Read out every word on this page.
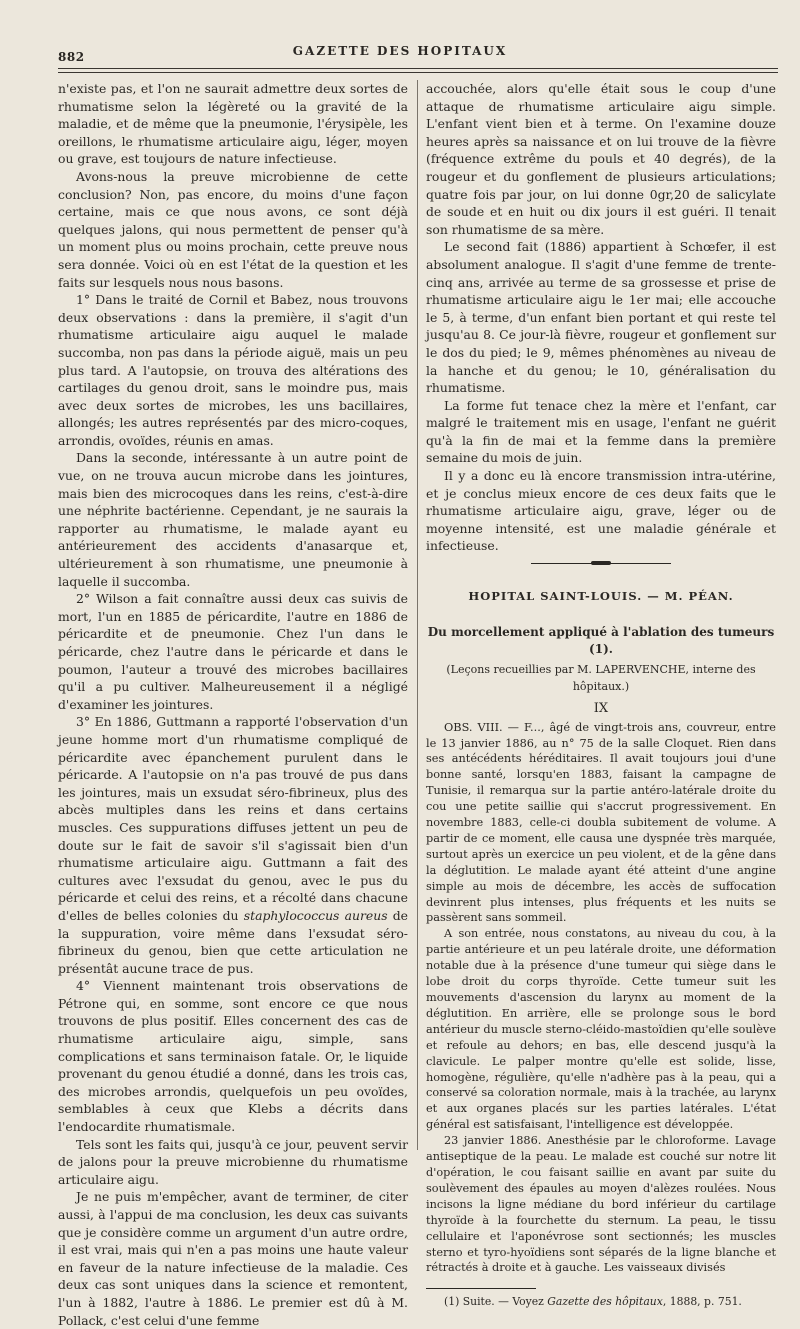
882	GAZETTE DES HOPITAUX

n'existe pas, et l'on ne saurait admettre deux sortes de rhumatisme selon la légèreté ou la gravité de la maladie, et de même que la pneumonie, l'érysipèle, les oreillons, le rhumatisme articulaire aigu, léger, moyen ou grave, est toujours de nature infectieuse.

Avons-nous la preuve microbienne de cette conclusion? Non, pas encore, du moins d'une façon certaine, mais ce que nous avons, ce sont déjà quelques jalons, qui nous permettent de penser qu'à un moment plus ou moins prochain, cette preuve nous sera donnée. Voici où en est l'état de la question et les faits sur lesquels nous nous basons.

1° Dans le traité de Cornil et Babez, nous trouvons deux observations : dans la première, il s'agit d'un rhumatisme articulaire aigu auquel le malade succomba, non pas dans la période aiguë, mais un peu plus tard. A l'autopsie, on trouva des altérations des cartilages du genou droit, sans le moindre pus, mais avec deux sortes de microbes, les uns bacillaires, allongés; les autres représentés par des micro-coques, arrondis, ovoïdes, réunis en amas.

Dans la seconde, intéressante à un autre point de vue, on ne trouva aucun microbe dans les jointures, mais bien des microcoques dans les reins, c'est-à-dire une néphrite bactérienne. Cependant, je ne saurais la rapporter au rhumatisme, le malade ayant eu antérieurement des accidents d'anasarque et, ultérieurement à son rhumatisme, une pneumonie à laquelle il succomba.

2° Wilson a fait connaître aussi deux cas suivis de mort, l'un en 1885 de péricardite, l'autre en 1886 de péricardite et de pneumonie. Chez l'un dans le péricarde, chez l'autre dans le péricarde et dans le poumon, l'auteur a trouvé des microbes bacillaires qu'il a pu cultiver. Malheureusement il a négligé d'examiner les jointures.

3° En 1886, Guttmann a rapporté l'observation d'un jeune homme mort d'un rhumatisme compliqué de péricardite avec épanchement purulent dans le péricarde. A l'autopsie on n'a pas trouvé de pus dans les jointures, mais un exsudat séro-fibrineux, plus des abcès multiples dans les reins et dans certains muscles. Ces suppurations diffuses jettent un peu de doute sur le fait de savoir s'il s'agissait bien d'un rhumatisme articulaire aigu. Guttmann a fait des cultures avec l'exsudat du genou, avec le pus du péricarde et celui des reins, et a récolté dans chacune d'elles de belles colonies du staphylococcus aureus de la suppuration, voire même dans l'exsudat séro-fibrineux du genou, bien que cette articulation ne présentât aucune trace de pus.

4° Viennent maintenant trois observations de Pétrone qui, en somme, sont encore ce que nous trouvons de plus positif. Elles concernent des cas de rhumatisme articulaire aigu, simple, sans complications et sans terminaison fatale. Or, le liquide provenant du genou étudié a donné, dans les trois cas, des microbes arrondis, quelquefois un peu ovoïdes, semblables à ceux que Klebs a décrits dans l'endocardite rhumatismale.

Tels sont les faits qui, jusqu'à ce jour, peuvent servir de jalons pour la preuve microbienne du rhumatisme articulaire aigu.

Je ne puis m'empêcher, avant de terminer, de citer aussi, à l'appui de ma conclusion, les deux cas suivants que je considère comme un argument d'un autre ordre, il est vrai, mais qui n'en a pas moins une haute valeur en faveur de la nature infectieuse de la maladie. Ces deux cas sont uniques dans la science et remontent, l'un à 1882, l'autre à 1886. Le premier est dû à M. Pollack, c'est celui d'une femme

accouchée, alors qu'elle était sous le coup d'une attaque de rhumatisme articulaire aigu simple. L'enfant vient bien et à terme. On l'examine douze heures après sa naissance et on lui trouve de la fièvre (fréquence extrême du pouls et 40 degrés), de la rougeur et du gonflement de plusieurs articulations; quatre fois par jour, on lui donne 0gr,20 de salicylate de soude et en huit ou dix jours il est guéri. Il tenait son rhumatisme de sa mère.

Le second fait (1886) appartient à Schœfer, il est absolument analogue. Il s'agit d'une femme de trente-cinq ans, arrivée au terme de sa grossesse et prise de rhumatisme articulaire aigu le 1er mai; elle accouche le 5, à terme, d'un enfant bien portant et qui reste tel jusqu'au 8. Ce jour-là fièvre, rougeur et gonflement sur le dos du pied; le 9, mêmes phénomènes au niveau de la hanche et du genou; le 10, généralisation du rhumatisme.

La forme fut tenace chez la mère et l'enfant, car malgré le traitement mis en usage, l'enfant ne guérit qu'à la fin de mai et la femme dans la première semaine du mois de juin.

Il y a donc eu là encore transmission intra-utérine, et je conclus mieux encore de ces deux faits que le rhumatisme articulaire aigu, grave, léger ou de moyenne intensité, est une maladie générale et infectieuse.

HOPITAL SAINT-LOUIS. — M. PÉAN.
Du morcellement appliqué à l'ablation des tumeurs (1).
(Leçons recueillies par M. LAPERVENCHE, interne des hôpitaux.)
IX

OBS. VIII. — F..., âgé de vingt-trois ans, couvreur, entre le 13 janvier 1886, au n° 75 de la salle Cloquet. Rien dans ses antécédents héréditaires. Il avait toujours joui d'une bonne santé, lorsqu'en 1883, faisant la campagne de Tunisie, il remarqua sur la partie antéro-latérale droite du cou une petite saillie qui s'accrut progressivement. En novembre 1883, celle-ci doubla subitement de volume. A partir de ce moment, elle causa une dyspnée très marquée, surtout après un exercice un peu violent, et de la gêne dans la déglutition. Le malade ayant été atteint d'une angine simple au mois de décembre, les accès de suffocation devinrent plus intenses, plus fréquents et les nuits se passèrent sans sommeil.

A son entrée, nous constatons, au niveau du cou, à la partie antérieure et un peu latérale droite, une déformation notable due à la présence d'une tumeur qui siège dans le lobe droit du corps thyroïde. Cette tumeur suit les mouvements d'ascension du larynx au moment de la déglutition. En arrière, elle se prolonge sous le bord antérieur du muscle sterno-cléido-mastoïdien qu'elle soulève et refoule au dehors; en bas, elle descend jusqu'à la clavicule. Le palper montre qu'elle est solide, lisse, homogène, régulière, qu'elle n'adhère pas à la peau, qui a conservé sa coloration normale, mais à la trachée, au larynx et aux organes placés sur les parties latérales. L'état général est satisfaisant, l'intelligence est développée.

23 janvier 1886. Anesthésie par le chloroforme. Lavage antiseptique de la peau. Le malade est couché sur notre lit d'opération, le cou faisant saillie en avant par suite du soulèvement des épaules au moyen d'alèzes roulées. Nous incisons la ligne médiane du bord inférieur du cartilage thyroïde à la fourchette du sternum. La peau, le tissu cellulaire et l'aponévrose sont sectionnés; les muscles sterno et tyro-hyoïdiens sont séparés de la ligne blanche et rétractés à droite et à gauche. Les vaisseaux divisés

(1) Suite. — Voyez Gazette des hôpitaux, 1888, p. 751.
